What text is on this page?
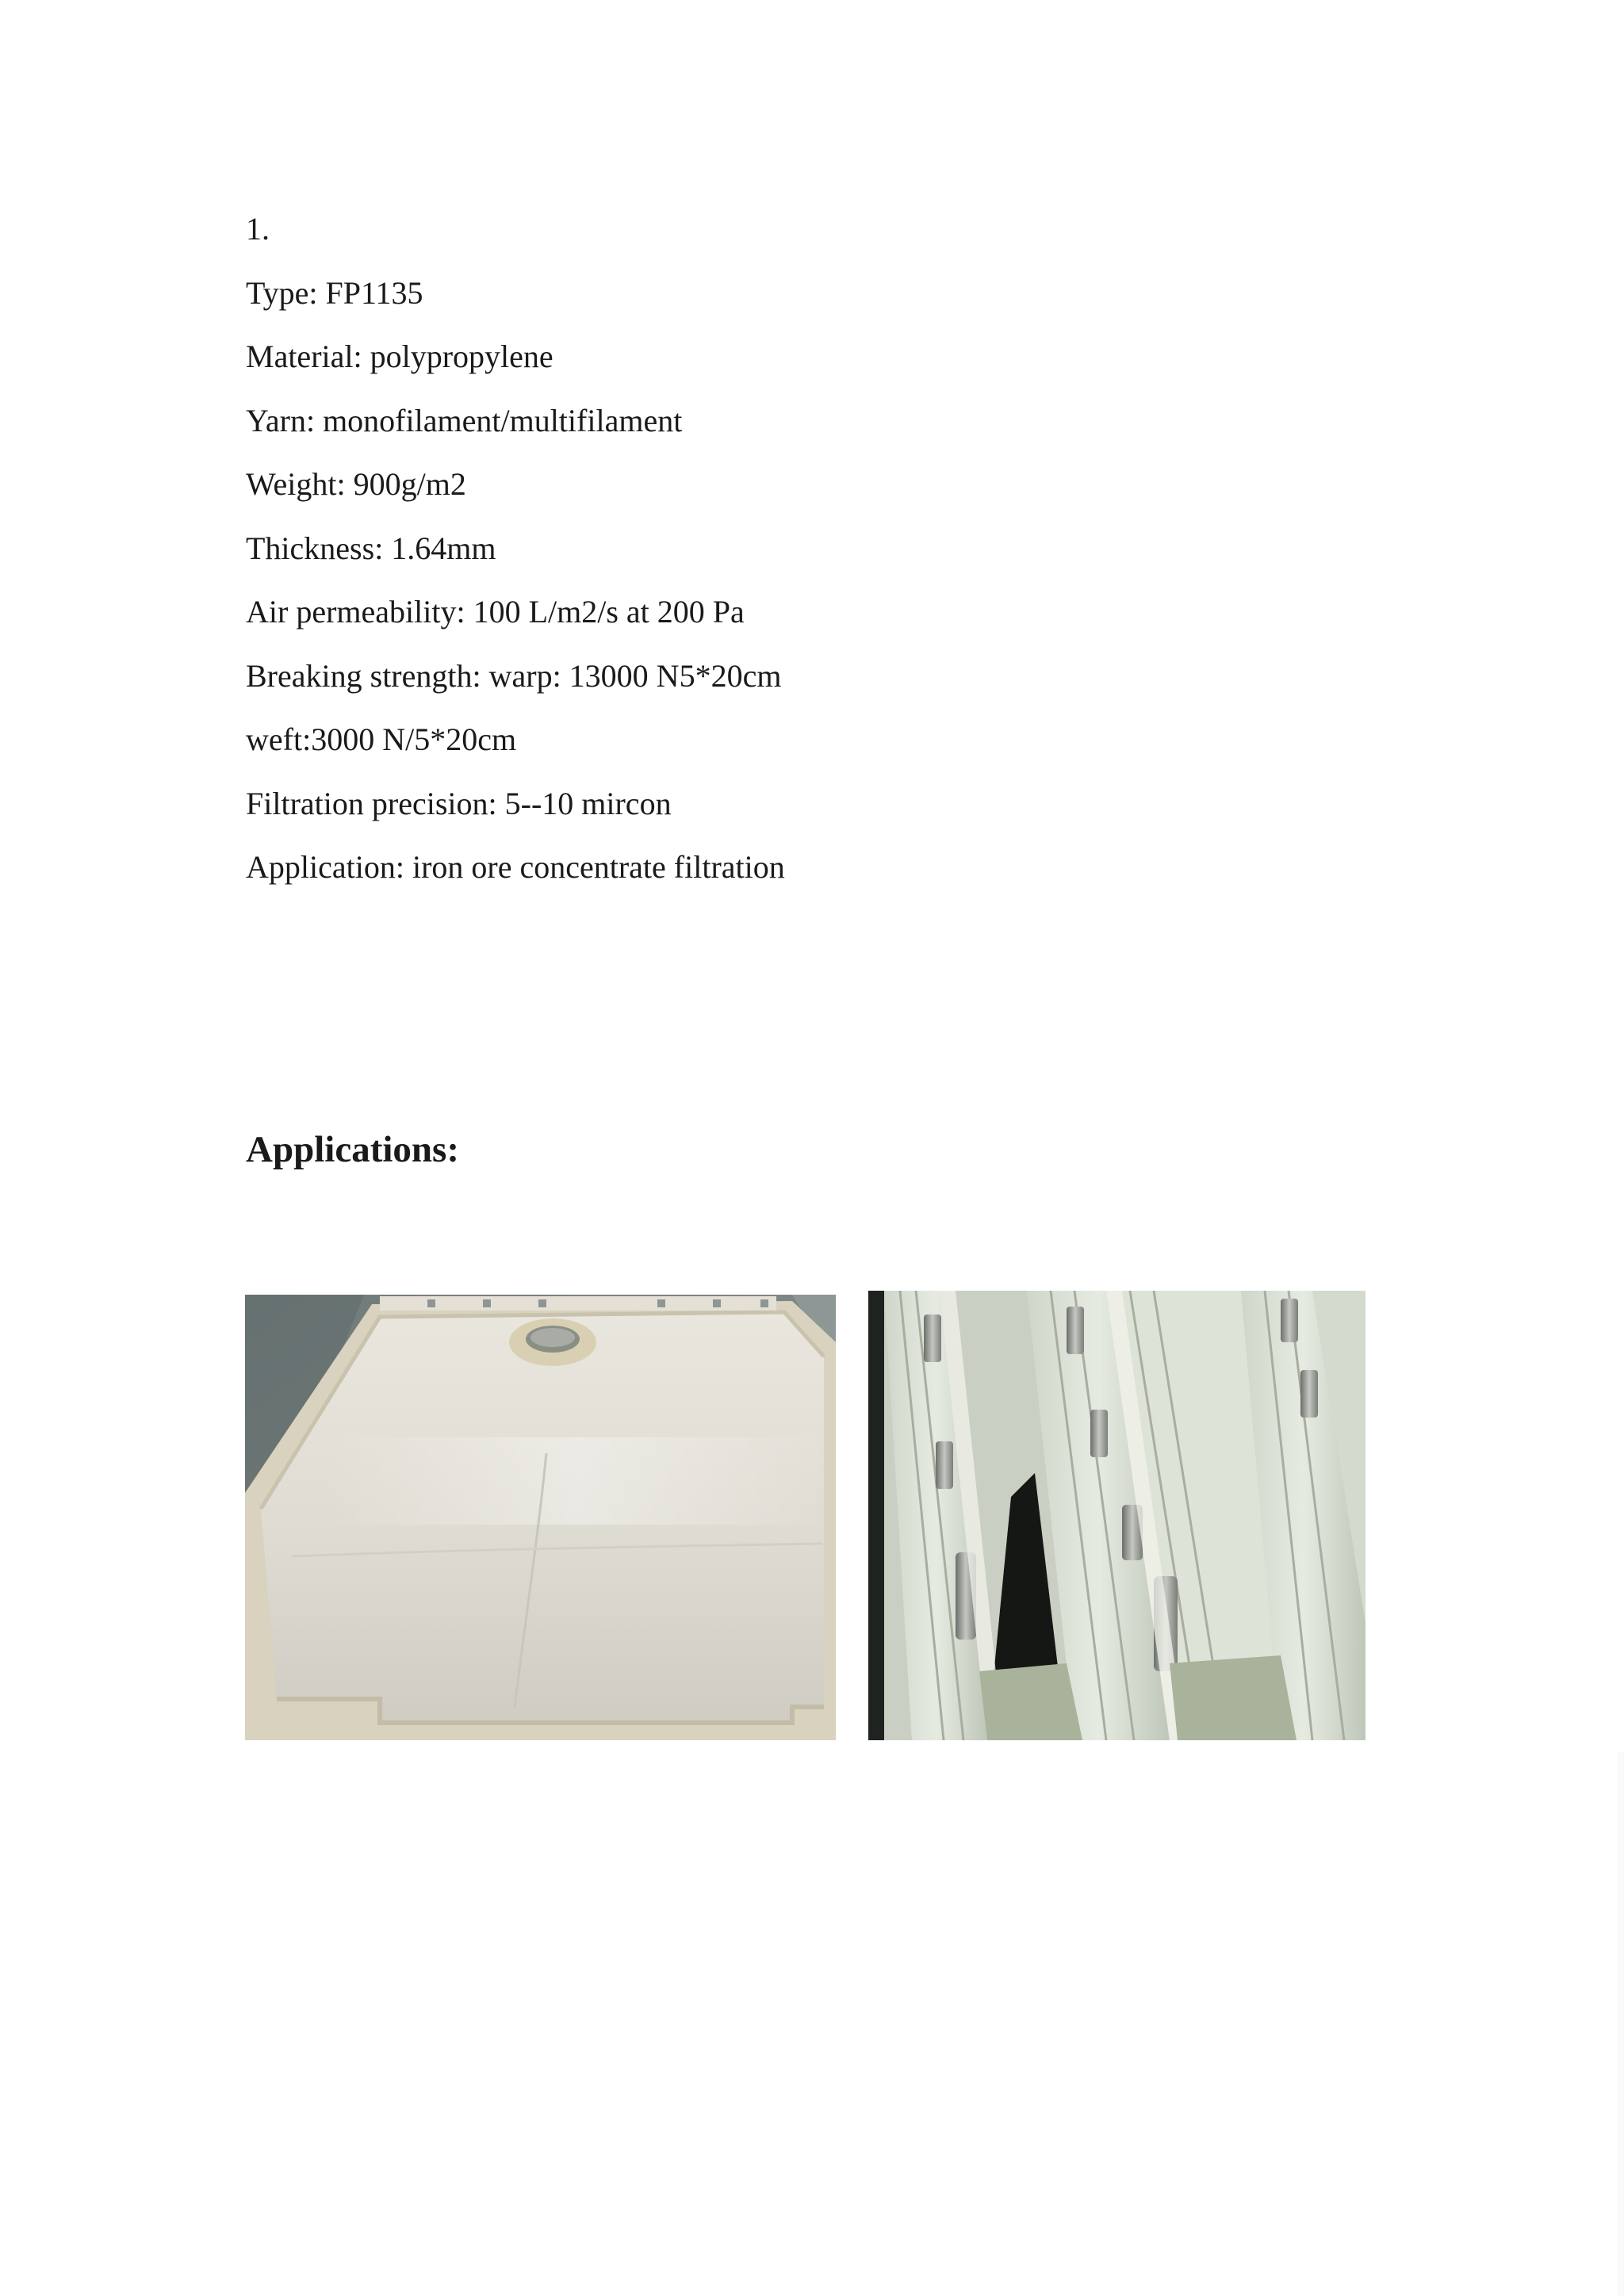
1.
Type: FP1135
Material: polypropylene
Yarn: monofilament/multifilament
Weight: 900g/m2
Thickness: 1.64mm
Air permeability: 100 L/m2/s at 200 Pa
Breaking strength: warp: 13000 N5*20cm
weft:3000 N/5*20cm
Filtration precision: 5--10 mircon
Application: iron ore concentrate filtration
Applications:
